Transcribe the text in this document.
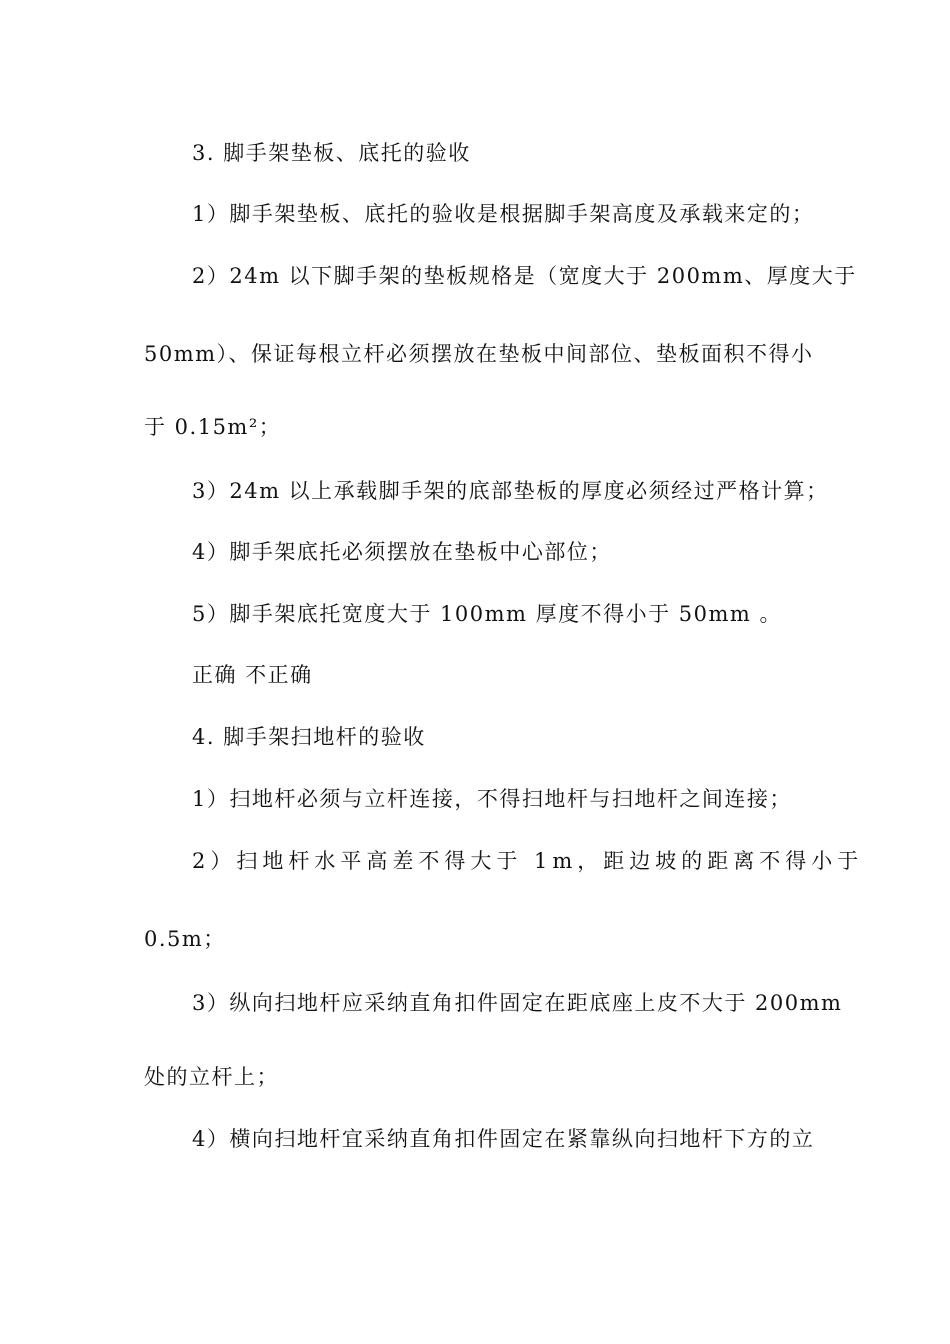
3. 脚手架垫板、底托的验收
1）脚手架垫板、底托的验收是根据脚手架高度及承载来定的；
2）24m 以下脚手架的垫板规格是（宽度大于 200mm、厚度大于
50mm）、保证每根立杆必须摆放在垫板中间部位、垫板面积不得小
于 0.15m²；
3）24m 以上承载脚手架的底部垫板的厚度必须经过严格计算；
4）脚手架底托必须摆放在垫板中心部位；
5）脚手架底托宽度大于 100mm 厚度不得小于 50mm 。
正确 不正确
4. 脚手架扫地杆的验收
1）扫地杆必须与立杆连接，不得扫地杆与扫地杆之间连接；
2）扫地杆水平高差不得大于 1m，距边坡的距离不得小于
0.5m；
3）纵向扫地杆应采纳直角扣件固定在距底座上皮不大于 200mm
处的立杆上；
4）横向扫地杆宜采纳直角扣件固定在紧靠纵向扫地杆下方的立
